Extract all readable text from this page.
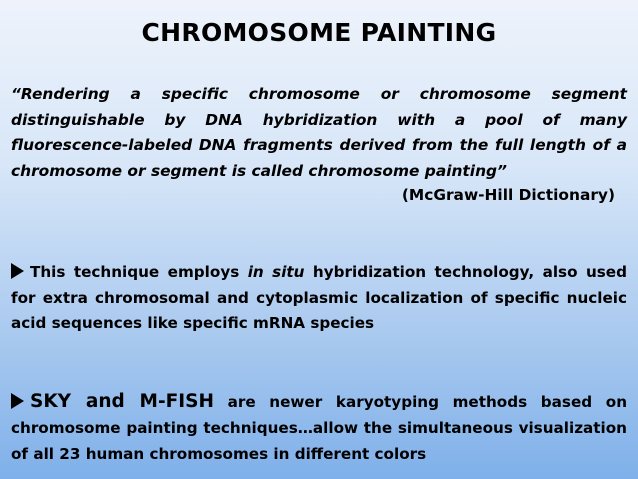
CHROMOSOME PAINTING
“Rendering a specific chromosome or chromosome segment distinguishable by DNA hybridization with a pool of many fluorescence-labeled DNA fragments derived from the full length of a chromosome or segment is called chromosome painting”
(McGraw-Hill Dictionary)
This technique employs in situ hybridization technology, also used for extra chromosomal and cytoplasmic localization of specific nucleic acid sequences like specific mRNA species
SKY and M-FISH are newer karyotyping methods based on chromosome painting techniques…allow the simultaneous visualization of all 23 human chromosomes in different colors
